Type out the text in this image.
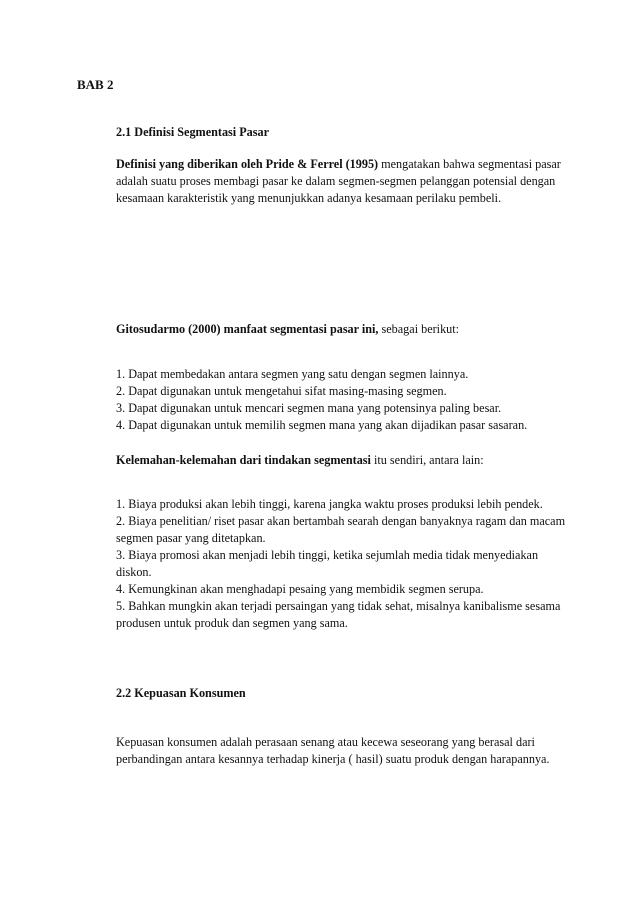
BAB 2
2.1 Definisi Segmentasi Pasar

Definisi yang diberikan oleh Pride & Ferrel (1995) mengatakan bahwa segmentasi pasar adalah suatu proses membagi pasar ke dalam segmen-segmen pelanggan potensial dengan kesamaan karakteristik yang menunjukkan adanya kesamaan perilaku pembeli.

Gitosudarmo (2000) manfaat segmentasi pasar ini, sebagai berikut:

1. Dapat membedakan antara segmen yang satu dengan segmen lainnya.
2. Dapat digunakan untuk mengetahui sifat masing-masing segmen.
3. Dapat digunakan untuk mencari segmen mana yang potensinya paling besar.
4. Dapat digunakan untuk memilih segmen mana yang akan dijadikan pasar sasaran.

Kelemahan-kelemahan dari tindakan segmentasi itu sendiri, antara lain:

1. Biaya produksi akan lebih tinggi, karena jangka waktu proses produksi lebih pendek.
2. Biaya penelitian/ riset pasar akan bertambah searah dengan banyaknya ragam dan macam segmen pasar yang ditetapkan.
3. Biaya promosi akan menjadi lebih tinggi, ketika sejumlah media tidak menyediakan diskon.
4. Kemungkinan akan menghadapi pesaing yang membidik segmen serupa.
5. Bahkan mungkin akan terjadi persaingan yang tidak sehat, misalnya kanibalisme sesama produsen untuk produk dan segmen yang sama.
2.2 Kepuasan Konsumen

Kepuasan konsumen adalah perasaan senang atau kecewa seseorang yang berasal dari perbandingan antara kesannya terhadap kinerja ( hasil) suatu produk dengan harapannya.
